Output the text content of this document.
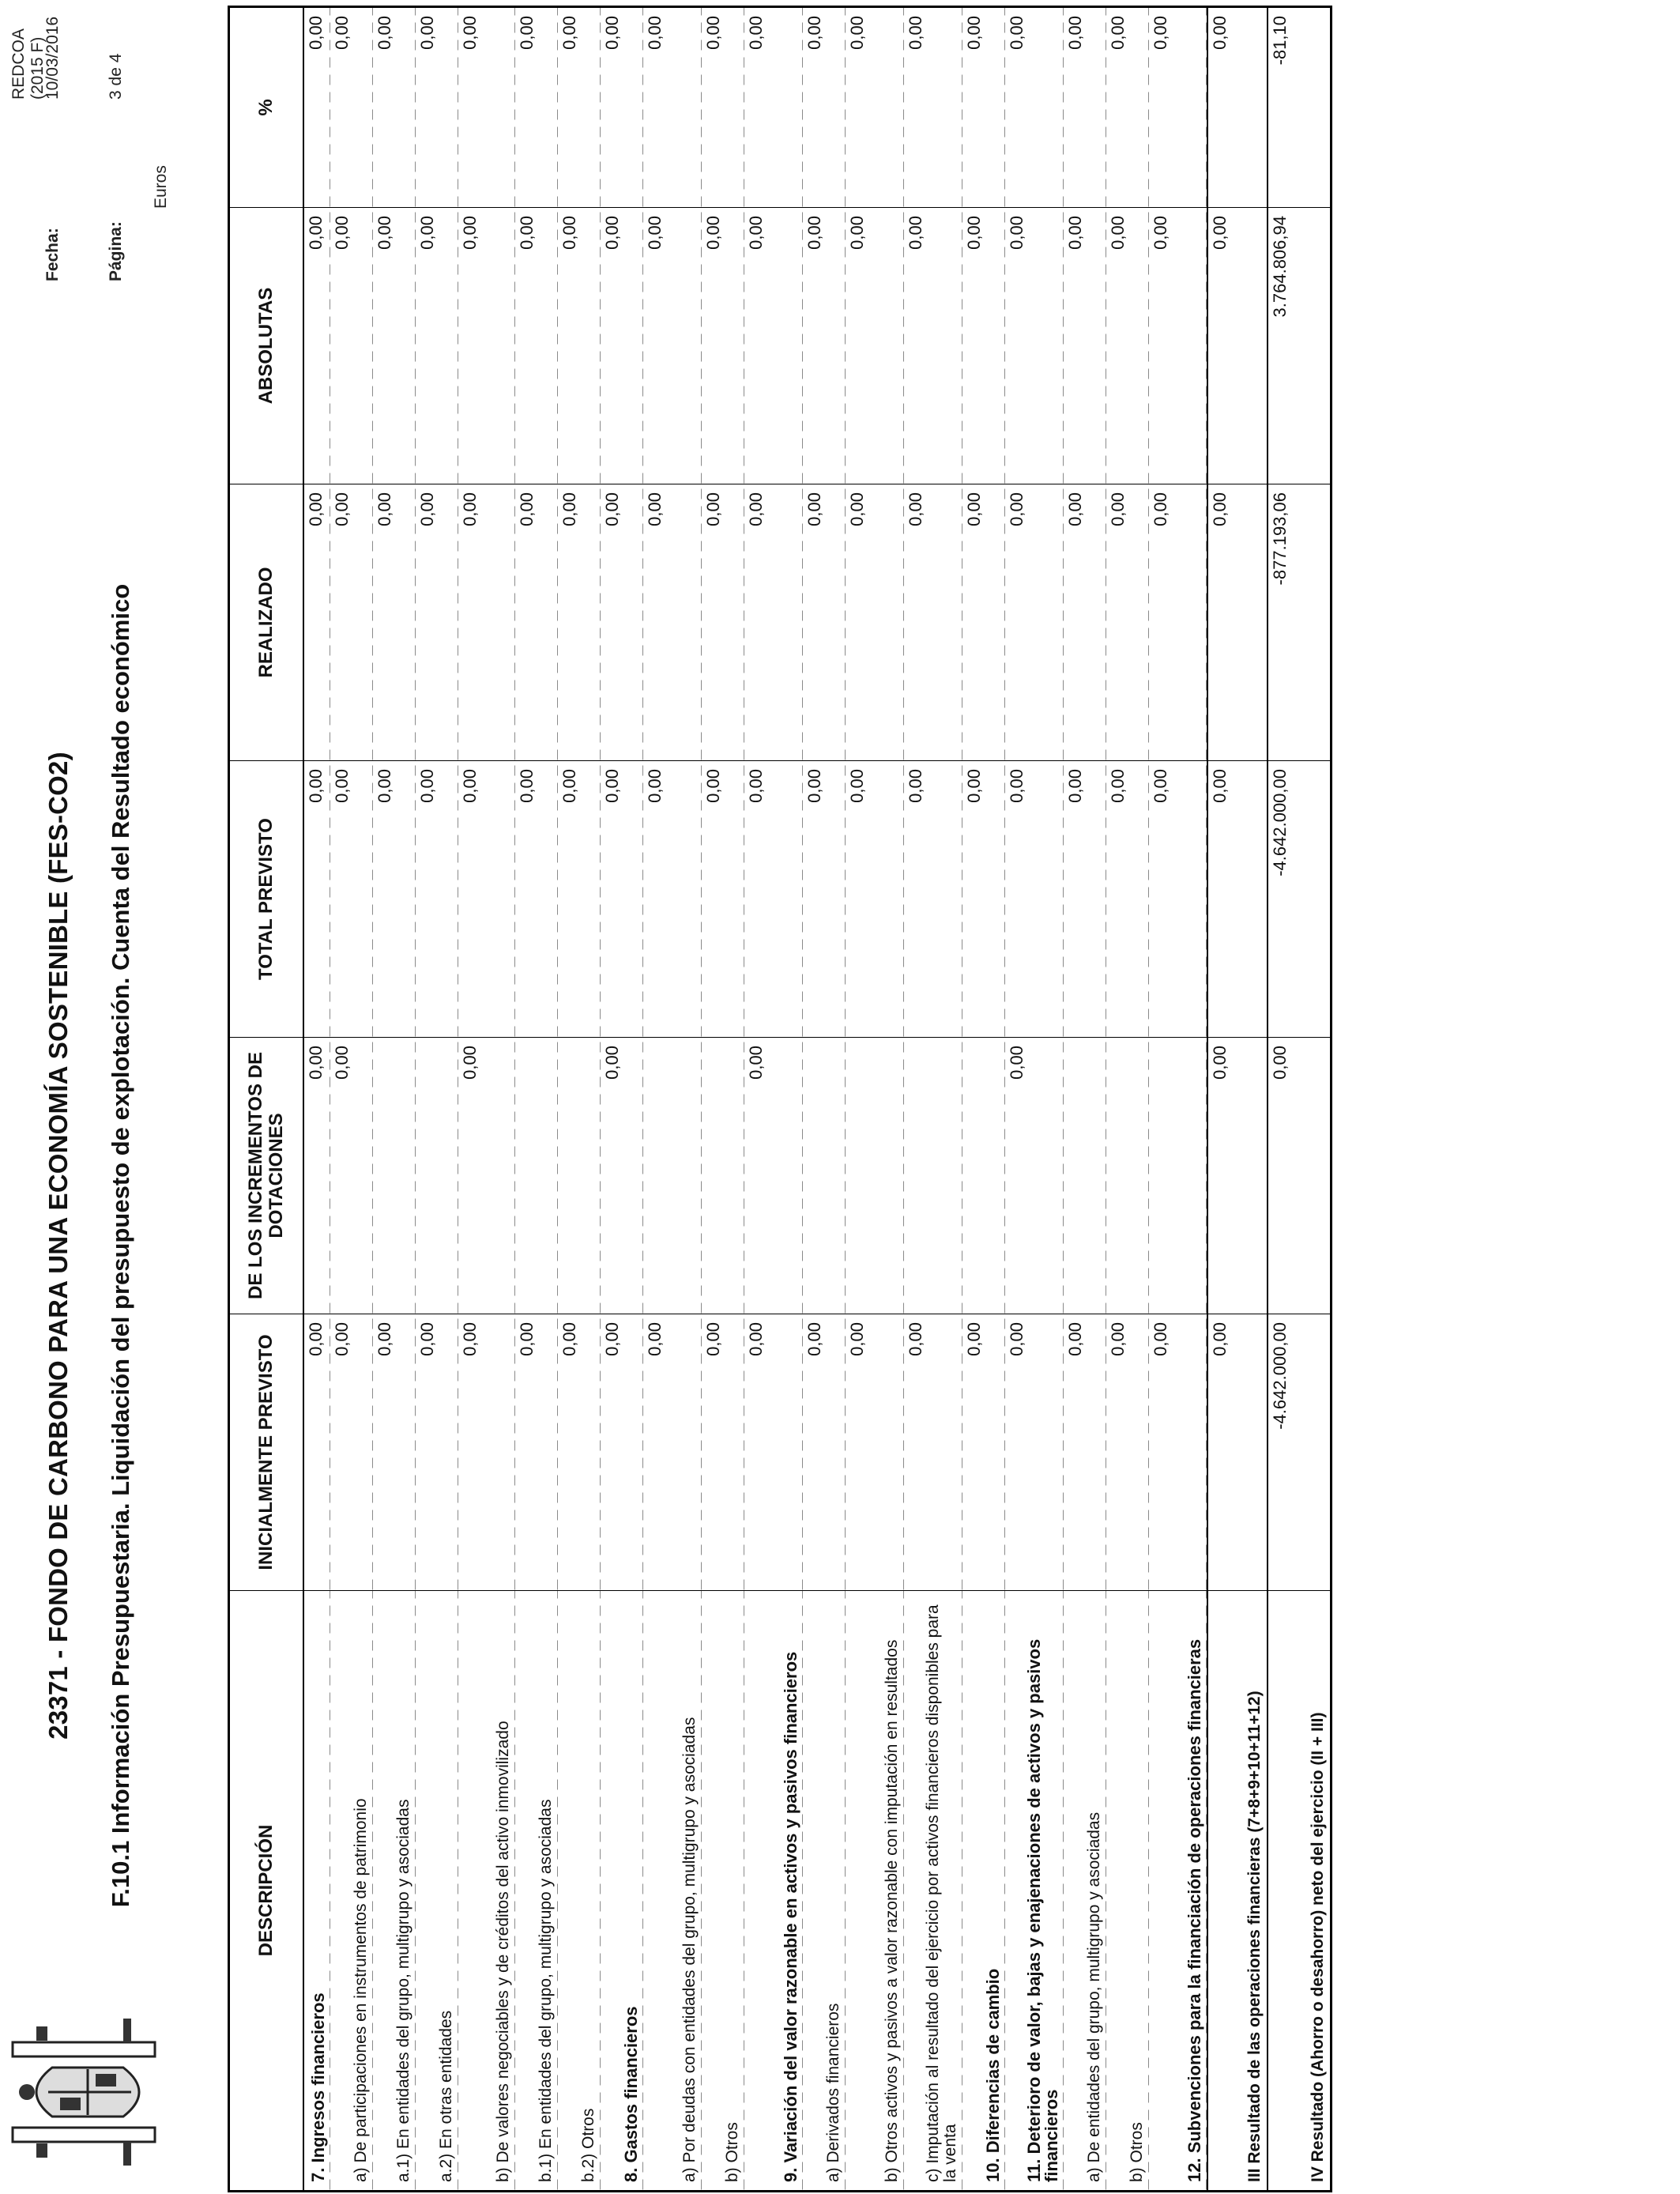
23371 - FONDO DE CARBONO PARA UNA ECONOMÍA SOSTENIBLE (FES-CO2) F.10.1 Información Presupuestaria. Liquidación del presupuesto de explotación. Cuenta del Resultado económico
REDCOA (2015 F)
Fecha:
10/03/2016
Página:
3 de 4
Euros
DESCRIPCIÓN	INICIALMENTE PREVISTO	DE LOS INCREMENTOS DE DOTACIONES	TOTAL PREVISTO	REALIZADO	ABSOLUTAS	%
7. Ingresos financieros	0,00	0,00	0,00	0,00	0,00	0,00
a) De participaciones en instrumentos de patrimonio	0,00	0,00	0,00	0,00	0,00	0,00
a.1) En entidades del grupo, multigrupo y asociadas	0,00		0,00	0,00	0,00	0,00
a.2) En otras entidades	0,00		0,00	0,00	0,00	0,00
b) De valores negociables y de créditos del activo inmovilizado	0,00	0,00	0,00	0,00	0,00	0,00
b.1) En entidades del grupo, multigrupo y asociadas	0,00		0,00	0,00	0,00	0,00
b.2) Otros	0,00		0,00	0,00	0,00	0,00
8. Gastos financieros	0,00	0,00	0,00	0,00	0,00	0,00
a) Por deudas con entidades del grupo, multigrupo y asociadas	0,00		0,00	0,00	0,00	0,00
b) Otros	0,00		0,00	0,00	0,00	0,00
9. Variación del valor razonable en activos y pasivos financieros	0,00	0,00	0,00	0,00	0,00	0,00
a) Derivados financieros	0,00		0,00	0,00	0,00	0,00
b) Otros activos y pasivos a valor razonable con imputación en resultados	0,00		0,00	0,00	0,00	0,00
c) Imputación al resultado del ejercicio por activos financieros disponibles para la venta	0,00		0,00	0,00	0,00	0,00
10. Diferencias de cambio	0,00		0,00	0,00	0,00	0,00
11. Deterioro de valor, bajas y enajenaciones de activos y pasivos financieros	0,00	0,00	0,00	0,00	0,00	0,00
a) De entidades del grupo, multigrupo y asociadas	0,00		0,00	0,00	0,00	0,00
b) Otros	0,00		0,00	0,00	0,00	0,00
12. Subvenciones para la financiación de operaciones financieras	0,00		0,00	0,00	0,00	0,00
III Resultado de las operaciones financieras (7+8+9+10+11+12)	0,00	0,00	0,00	0,00	0,00	0,00
IV Resultado (Ahorro o desahorro) neto del ejercicio (II + III)	-4.642.000,00	0,00	-4.642.000,00	-877.193,06	3.764.806,94	-81,10
